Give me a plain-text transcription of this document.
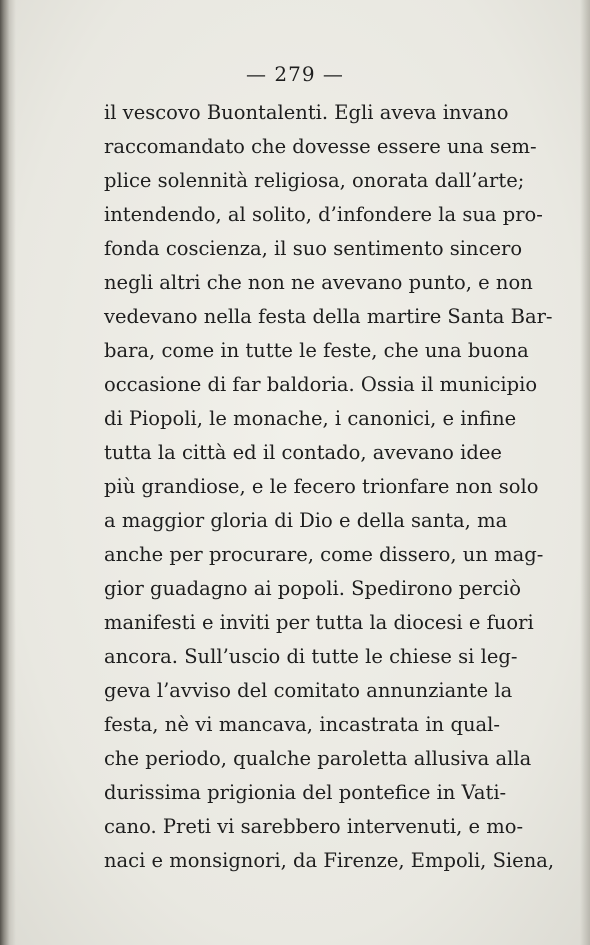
— 279 —
il vescovo Buontalenti. Egli aveva invano
raccomandato che dovesse essere una sem-
plice solennità religiosa, onorata dall’arte;
intendendo, al solito, d’infondere la sua pro-
fonda coscienza, il suo sentimento sincero
negli altri che non ne avevano punto, e non
vedevano nella festa della martire Santa Bar-
bara, come in tutte le feste, che una buona
occasione di far baldoria. Ossia il municipio
di Piopoli, le monache, i canonici, e infine
tutta la città ed il contado, avevano idee
più grandiose, e le fecero trionfare non solo
a maggior gloria di Dio e della santa, ma
anche per procurare, come dissero, un mag-
gior guadagno ai popoli. Spedirono perciò
manifesti e inviti per tutta la diocesi e fuori
ancora. Sull’uscio di tutte le chiese si leg-
geva l’avviso del comitato annunziante la
festa, nè vi mancava, incastrata in qual-
che periodo, qualche paroletta allusiva alla
durissima prigionia del pontefice in Vati-
cano. Preti vi sarebbero intervenuti, e mo-
naci e monsignori, da Firenze, Empoli, Siena,
